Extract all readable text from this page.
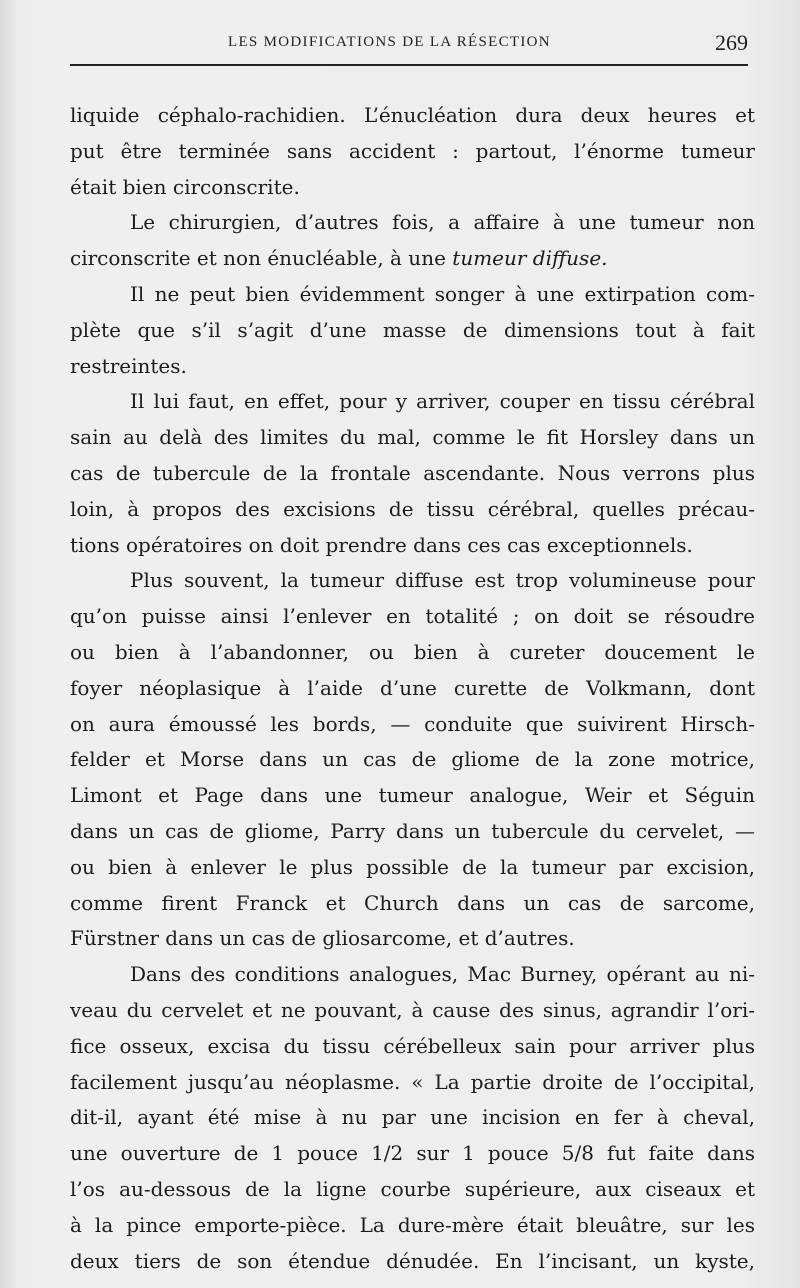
LES MODIFICATIONS DE LA RÉSECTION	269
liquide céphalo-rachidien. L’énucléation dura deux heures et
put être terminée sans accident : partout, l’énorme tumeur
était bien circonscrite.
Le chirurgien, d’autres fois, a affaire à une tumeur non
circonscrite et non énucléable, à une tumeur diffuse.
Il ne peut bien évidemment songer à une extirpation com-
plète que s’il s’agit d’une masse de dimensions tout à fait
restreintes.
Il lui faut, en effet, pour y arriver, couper en tissu cérébral
sain au delà des limites du mal, comme le fit Horsley dans un
cas de tubercule de la frontale ascendante. Nous verrons plus
loin, à propos des excisions de tissu cérébral, quelles précau-
tions opératoires on doit prendre dans ces cas exceptionnels.
Plus souvent, la tumeur diffuse est trop volumineuse pour
qu’on puisse ainsi l’enlever en totalité ; on doit se résoudre
ou bien à l’abandonner, ou bien à cureter doucement le
foyer néoplasique à l’aide d’une curette de Volkmann, dont
on aura émoussé les bords, — conduite que suivirent Hirsch-
felder et Morse dans un cas de gliome de la zone motrice,
Limont et Page dans une tumeur analogue, Weir et Séguin
dans un cas de gliome, Parry dans un tubercule du cervelet, —
ou bien à enlever le plus possible de la tumeur par excision,
comme firent Franck et Church dans un cas de sarcome,
Fürstner dans un cas de gliosarcome, et d’autres.
Dans des conditions analogues, Mac Burney, opérant au ni-
veau du cervelet et ne pouvant, à cause des sinus, agrandir l’ori-
fice osseux, excisa du tissu cérébelleux sain pour arriver plus
facilement jusqu’au néoplasme. « La partie droite de l’occipital,
dit-il, ayant été mise à nu par une incision en fer à cheval,
une ouverture de 1 pouce 1/2 sur 1 pouce 5/8 fut faite dans
l’os au-dessous de la ligne courbe supérieure, aux ciseaux et
à la pince emporte-pièce. La dure-mère était bleuâtre, sur les
deux tiers de son étendue dénudée. En l’incisant, un kyste,
